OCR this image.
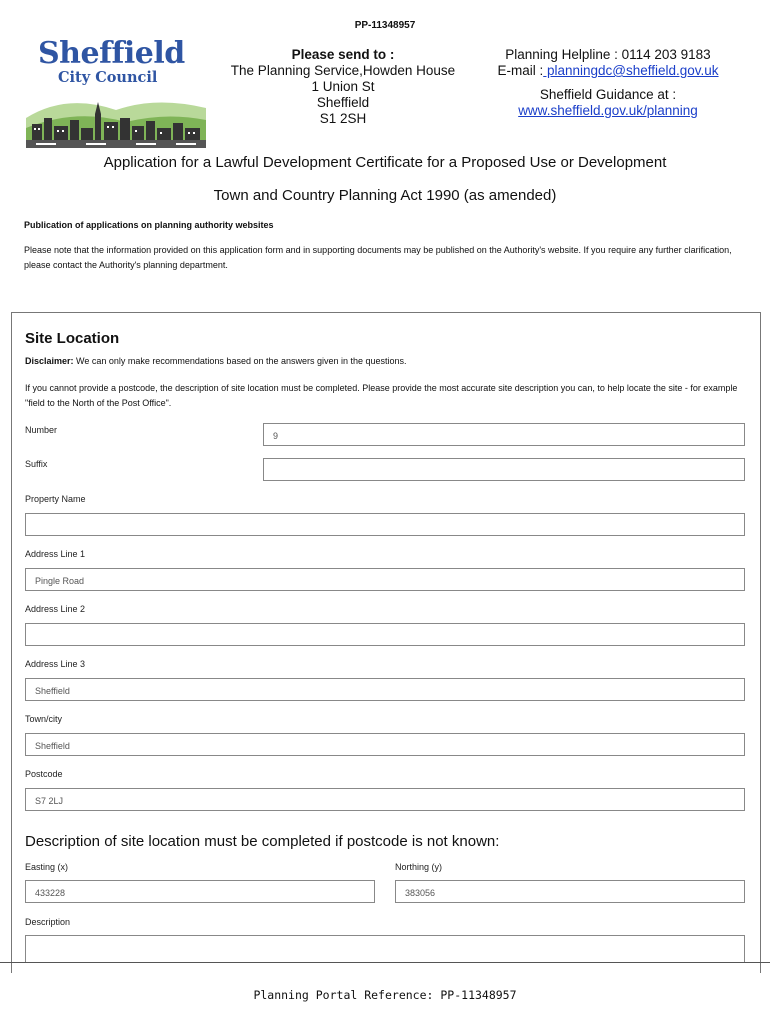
PP-11348957
Sheffield
City Council
Please send to :
The Planning Service,Howden House
1 Union St
Sheffield
S1 2SH
Planning Helpline : 0114 203 9183
E-mail : planningdc@sheffield.gov.uk
Sheffield Guidance at :
www.sheffield.gov.uk/planning
Application for a Lawful Development Certificate for a Proposed Use or Development
Town and Country Planning Act 1990 (as amended)
Publication of applications on planning authority websites
Please note that the information provided on this application form and in supporting documents may be published on the Authority's website. If you require any further clarification, please contact the Authority's planning department.
Site Location
Disclaimer: We can only make recommendations based on the answers given in the questions.
If you cannot provide a postcode, the description of site location must be completed. Please provide the most accurate site description you can, to help locate the site - for example "field to the North of the Post Office".
Number
9
Suffix
Property Name
Address Line 1
Pingle Road
Address Line 2
Address Line 3
Sheffield
Town/city
Sheffield
Postcode
S7 2LJ
Description of site location must be completed if postcode is not known:
Easting (x)
433228
Northing (y)
383056
Description
Planning Portal Reference: PP-11348957
